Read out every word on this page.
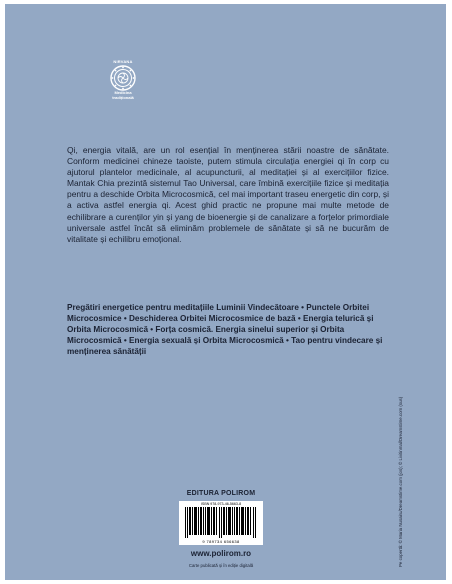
NIRVANA
Medicina
tradițională

Qi, energia vitală, are un rol esențial în menținerea stării noastre de sănătate. Conform medicinei chineze taoiste, putem stimula circulația energiei qi în corp cu ajutorul plantelor medicinale, al acupuncturii, al meditației și al exercițiilor fizice. Mantak Chia prezintă sistemul Tao Universal, care îmbină exercițiile fizice și meditația pentru a deschide Orbita Microcosmică, cel mai important traseu energetic din corp, și a activa astfel energia qi. Acest ghid practic ne propune mai multe metode de echilibrare a curenților yin și yang de bioenergie și de canalizare a forțelor primordiale universale astfel încât să eliminăm problemele de sănătate și să ne bucurăm de vitalitate și echilibru emoțional.

Pregătiri energetice pentru meditațiile Luminii Vindecătoare • Punctele Orbitei Microcosmice • Deschiderea Orbitei Microcosmice de bază • Energia telurică și Orbita Microcosmică • Forța cosmică. Energia sinelui superior și Orbita Microcosmică • Energia sexuală și Orbita Microcosmică • Tao pentru vindecare și menținerea sănătății

EDITURA POLIROM
ISBN 978-973-46-5663-8
9 789734 656638
www.polirom.ro
Carte publicată și în ediție digitală	Pe copertă: © Maria Nusairu/Dreamstime.com (jos); © Livitinmal/Dreamstime.com (sus)
